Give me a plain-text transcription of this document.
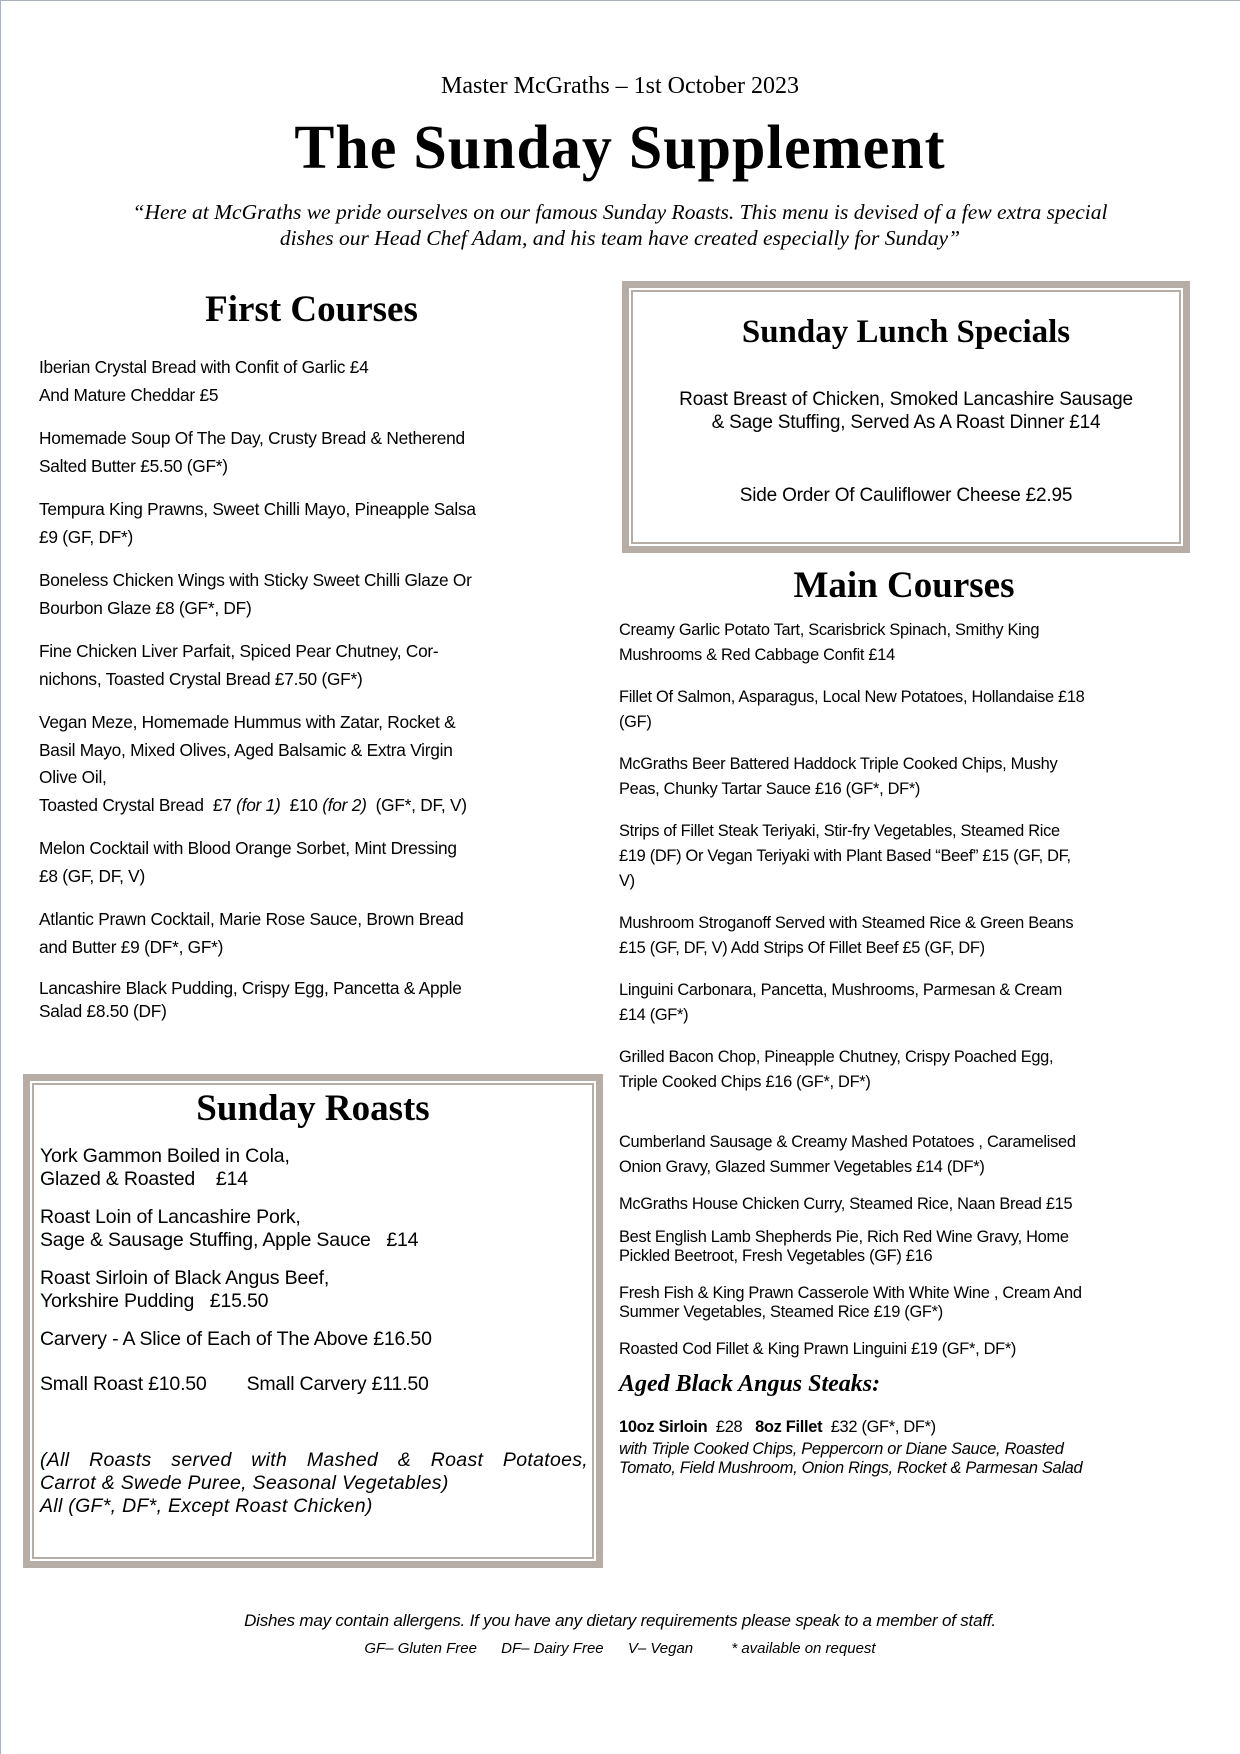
Master McGraths – 1st October 2023
The Sunday Supplement
“Here at McGraths we pride ourselves on our famous Sunday Roasts. This menu is devised of a few extra special
dishes our Head Chef Adam, and his team have created especially for Sunday”
First Courses
Iberian Crystal Bread with Confit of Garlic £4
And Mature Cheddar £5
Homemade Soup Of The Day, Crusty Bread & Netherend
Salted Butter £5.50 (GF*)
Tempura King Prawns, Sweet Chilli Mayo, Pineapple Salsa
£9 (GF, DF*)
Boneless Chicken Wings with Sticky Sweet Chilli Glaze Or
Bourbon Glaze £8 (GF*, DF)
Fine Chicken Liver Parfait, Spiced Pear Chutney, Cor-
nichons, Toasted Crystal Bread £7.50 (GF*)
Vegan Meze, Homemade Hummus with Zatar, Rocket &
Basil Mayo, Mixed Olives, Aged Balsamic & Extra Virgin
Olive Oil,
Toasted Crystal Bread  £7 (for 1)  £10 (for 2)  (GF*, DF, V)
Melon Cocktail with Blood Orange Sorbet, Mint Dressing
£8 (GF, DF, V)
Atlantic Prawn Cocktail, Marie Rose Sauce, Brown Bread
and Butter £9 (DF*, GF*)
Lancashire Black Pudding, Crispy Egg, Pancetta & Apple
Salad £8.50 (DF)
Sunday Lunch Specials
Roast Breast of Chicken, Smoked Lancashire Sausage
& Sage Stuffing, Served As A Roast Dinner £14
Side Order Of Cauliflower Cheese £2.95
Main Courses
Creamy Garlic Potato Tart, Scarisbrick Spinach, Smithy King
Mushrooms & Red Cabbage Confit £14
Fillet Of Salmon, Asparagus, Local New Potatoes, Hollandaise £18
(GF)
McGraths Beer Battered Haddock Triple Cooked Chips, Mushy
Peas, Chunky Tartar Sauce £16 (GF*, DF*)
Strips of Fillet Steak Teriyaki, Stir-fry Vegetables, Steamed Rice
£19 (DF) Or Vegan Teriyaki with Plant Based “Beef” £15 (GF, DF,
V)
Mushroom Stroganoff Served with Steamed Rice & Green Beans
£15 (GF, DF, V) Add Strips Of Fillet Beef £5 (GF, DF)
Linguini Carbonara, Pancetta, Mushrooms, Parmesan & Cream
£14 (GF*)
Grilled Bacon Chop, Pineapple Chutney, Crispy Poached Egg,
Triple Cooked Chips £16 (GF*, DF*)
Cumberland Sausage & Creamy Mashed Potatoes , Caramelised
Onion Gravy, Glazed Summer Vegetables £14 (DF*)
McGraths House Chicken Curry, Steamed Rice, Naan Bread £15
Best English Lamb Shepherds Pie, Rich Red Wine Gravy, Home
Pickled Beetroot, Fresh Vegetables (GF) £16
Fresh Fish & King Prawn Casserole With White Wine , Cream And
Summer Vegetables, Steamed Rice £19 (GF*)
Roasted Cod Fillet & King Prawn Linguini £19 (GF*, DF*)
Aged Black Angus Steaks:
10oz Sirloin  £28   8oz Fillet  £32 (GF*, DF*)
with Triple Cooked Chips, Peppercorn or Diane Sauce, Roasted
Tomato, Field Mushroom, Onion Rings, Rocket & Parmesan Salad
Sunday Roasts
York Gammon Boiled in Cola,
Glazed & Roasted    £14
Roast Loin of Lancashire Pork,
Sage & Sausage Stuffing, Apple Sauce   £14
Roast Sirloin of Black Angus Beef,
Yorkshire Pudding   £15.50
Carvery - A Slice of Each of The Above £16.50
Small Roast £10.50 Small Carvery £11.50
(All Roasts served with Mashed & Roast Potatoes,
Carrot & Swede Puree, Seasonal Vegetables)
All (GF*, DF*, Except Roast Chicken)
Dishes may contain allergens. If you have any dietary requirements please speak to a member of staff.
GF– Gluten Free DF– Dairy Free V– Vegan	* available on request
